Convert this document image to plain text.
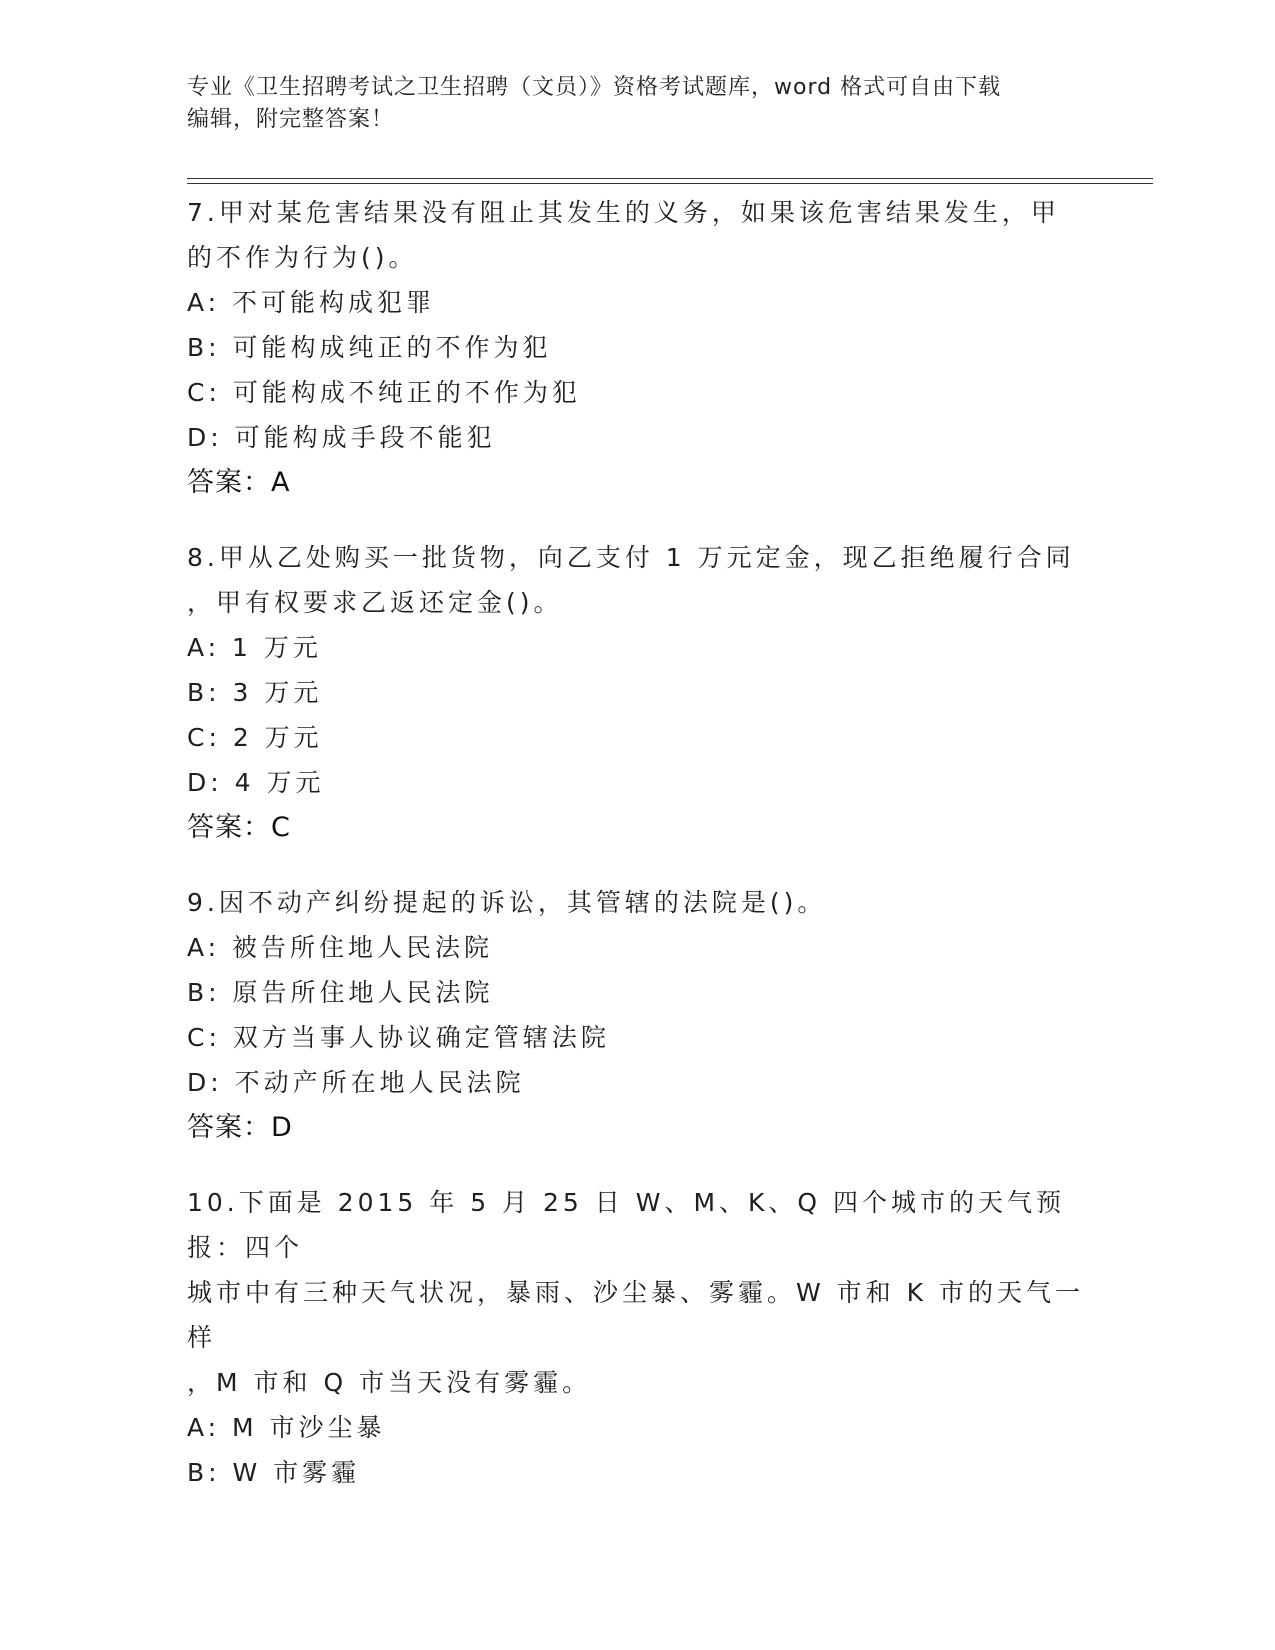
专业《卫生招聘考试之卫生招聘（文员）》资格考试题库，word 格式可自由下载
编辑，附完整答案！

7.甲对某危害结果没有阻止其发生的义务，如果该危害结果发生，甲

的不作为行为()。

A: 不可能构成犯罪

B: 可能构成纯正的不作为犯

C: 可能构成不纯正的不作为犯

D: 可能构成手段不能犯

答案：A

8.甲从乙处购买一批货物，向乙支付 1 万元定金，现乙拒绝履行合同

，甲有权要求乙返还定金()。

A: 1 万元

B: 3 万元

C: 2 万元

D: 4 万元

答案：C

9.因不动产纠纷提起的诉讼，其管辖的法院是()。

A: 被告所住地人民法院

B: 原告所住地人民法院

C: 双方当事人协议确定管辖法院

D: 不动产所在地人民法院

答案：D

10.下面是 2015 年 5 月 25 日 W、M、K、Q 四个城市的天气预报：四个

城市中有三种天气状况，暴雨、沙尘暴、雾霾。W 市和 K 市的天气一样

，M 市和 Q 市当天没有雾霾。

A: M 市沙尘暴

B: W 市雾霾
